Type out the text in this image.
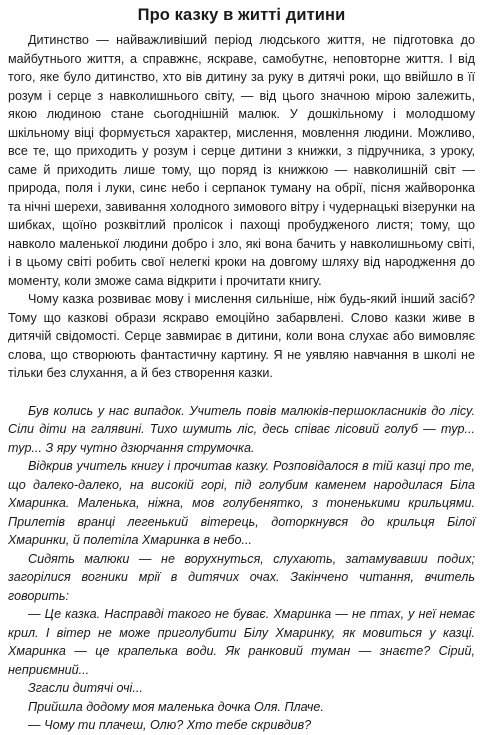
Про казку в житті дитини

Дитинство — найважливіший період людського життя, не підготовка до майбутнього життя, а справжнє, яскраве, самобутнє, неповторне життя. І від того, яке було дитинство, хто вів дитину за руку в дитячі роки, що ввійшло в її розум і серце з навколишнього світу, — від цього значною мірою залежить, якою людиною стане сьогоднішній малюк. У дошкільному і молодшому шкільному віці формується характер, мислення, мовлення людини. Можливо, все те, що приходить у розум і серце дитини з книжки, з підручника, з уроку, саме й приходить лише тому, що поряд із книжкою — навколишній світ — природа, поля і луки, синє небо і серпанок туману на обрії, пісня жайворонка та нічні шерехи, завивання холодного зимового вітру і чудернацькі візерунки на шибках, щоїно розквітлий пролісок і пахощі пробудженого листя; тому, що навколо маленької людини добро і зло, які вона бачить у навколишньому світі, і в цьому світі робить свої нелегкі кроки на довгому шляху від народження до моменту, коли зможе сама відкрити і прочитати книгу.

Чому казка розвиває мову і мислення сильніше, ніж будь-який інший засіб? Тому що казкові образи яскраво емоційно забарвлені. Слово казки живе в дитячій свідомості. Серце завмирає в дитини, коли вона слухає або вимовляє слова, що створюють фантастичну картину. Я не уявляю навчання в школі не тільки без слухання, а й без створення казки.

Був колись у нас випадок. Учитель повів малюків-першокласників до лісу. Сіли діти на галявині. Тихо шумить ліс, десь співає лісовий голуб — тур... тур... З яру чутно дзюрчання струмочка.

Відкрив учитель книгу і прочитав казку. Розповідалося в тій казці про те, що далеко-далеко, на високій горі, під голубим каменем народилася Біла Хмаринка. Маленька, ніжна, мов голубенятко, з тоненькими крильцями. Прилетів вранці легенький вітерець, доторкнувся до крильця Білої Хмаринки, й полетіла Хмаринка в небо...

Сидять малюки — не ворухнуться, слухають, затамувавши подих; загорілися вогники мрії в дитячих очах. Закінчено читання, вчитель говорить:

— Це казка. Насправді такого не буває. Хмаринка — не птах, у неї немає крил. І вітер не може приголубити Білу Хмаринку, як мовиться у казці. Хмаринка — це крапелька води. Як ранковий туман — знаєте? Сірий, неприємний...

Згасли дитячі очі...

Прийшла додому моя маленька дочка Оля. Плаче.

— Чому ти плачеш, Олю? Хто тебе скривдив?
